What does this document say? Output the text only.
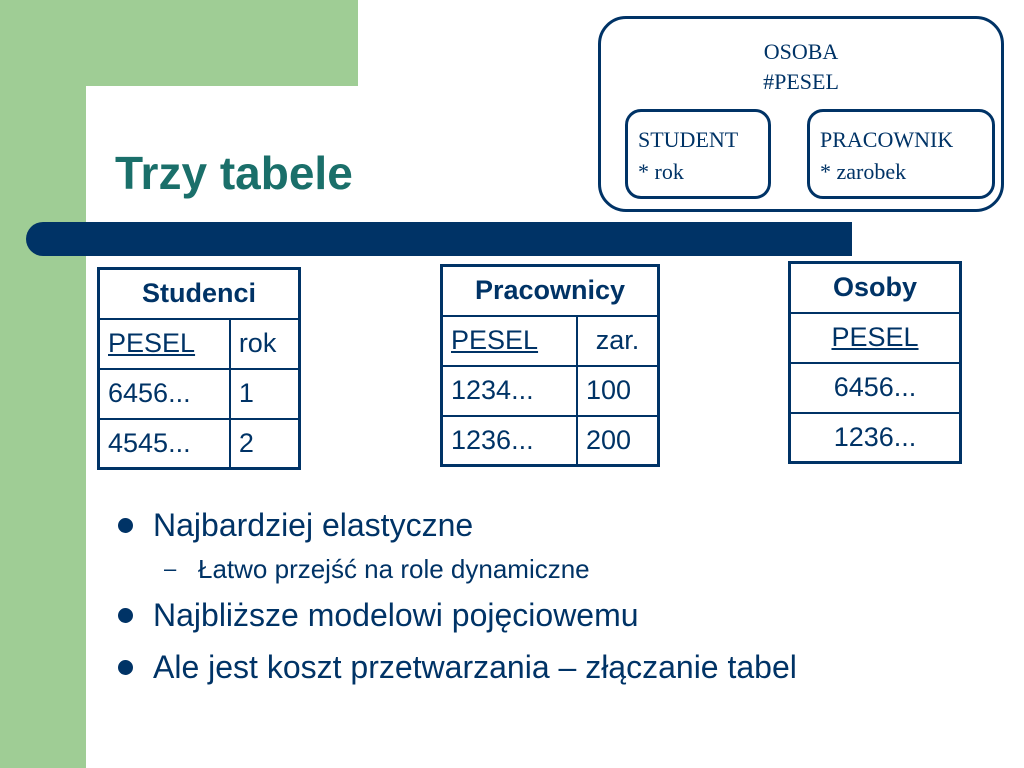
Trzy tabele
OSOBA
#PESEL
STUDENT
* rok
PRACOWNIK
* zarobek
Studenci	
PESEL	rok
6456...	1
4545...	2
Pracownicy	
PESEL	zar.
1234...	100
1236...	200
Osoby
PESEL
6456...
1236...
Najbardziej elastyczne
– Łatwo przejść na role dynamiczne
Najbliższe modelowi pojęciowemu
Ale jest koszt przetwarzania – złączanie tabel
